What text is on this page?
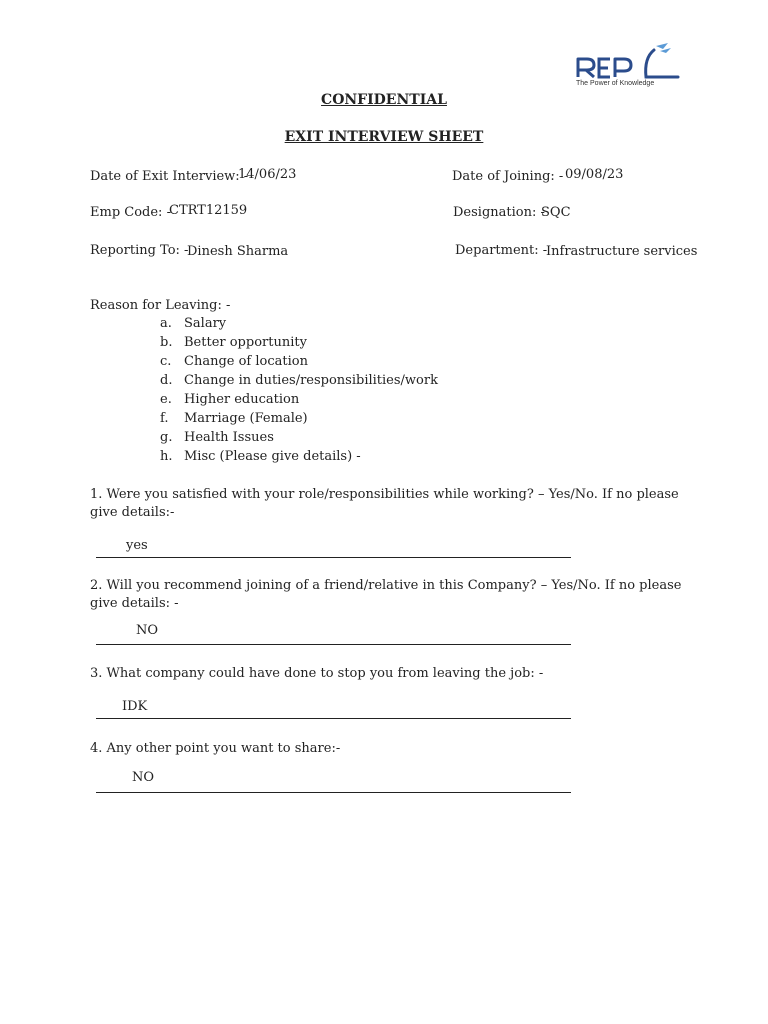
The Power of Knowledge
CONFIDENTIAL
EXIT INTERVIEW SHEET
Date of Exit Interview: -
14/06/23	Date of Joining: - 09/08/23
Emp Code: -
CTRT12159	Designation: -
SQC
Reporting To: -
Dinesh Sharma	Department: -
Infrastructure services
Reason for Leaving: -
a. Salary
b. Better opportunity
c. Change of location
d. Change in duties/responsibilities/work
e. Higher education
f.	Marriage (Female)
g. Health Issues
h. Misc (Please give details) -
1. Were you satisfied with your role/responsibilities while working? – Yes/No. If no please give details:-
yes
2. Will you recommend joining of a friend/relative in this Company? – Yes/No. If no please give details: -
NO
3. What company could have done to stop you from leaving the job: -
IDK
4. Any other point you want to share:-
NO
